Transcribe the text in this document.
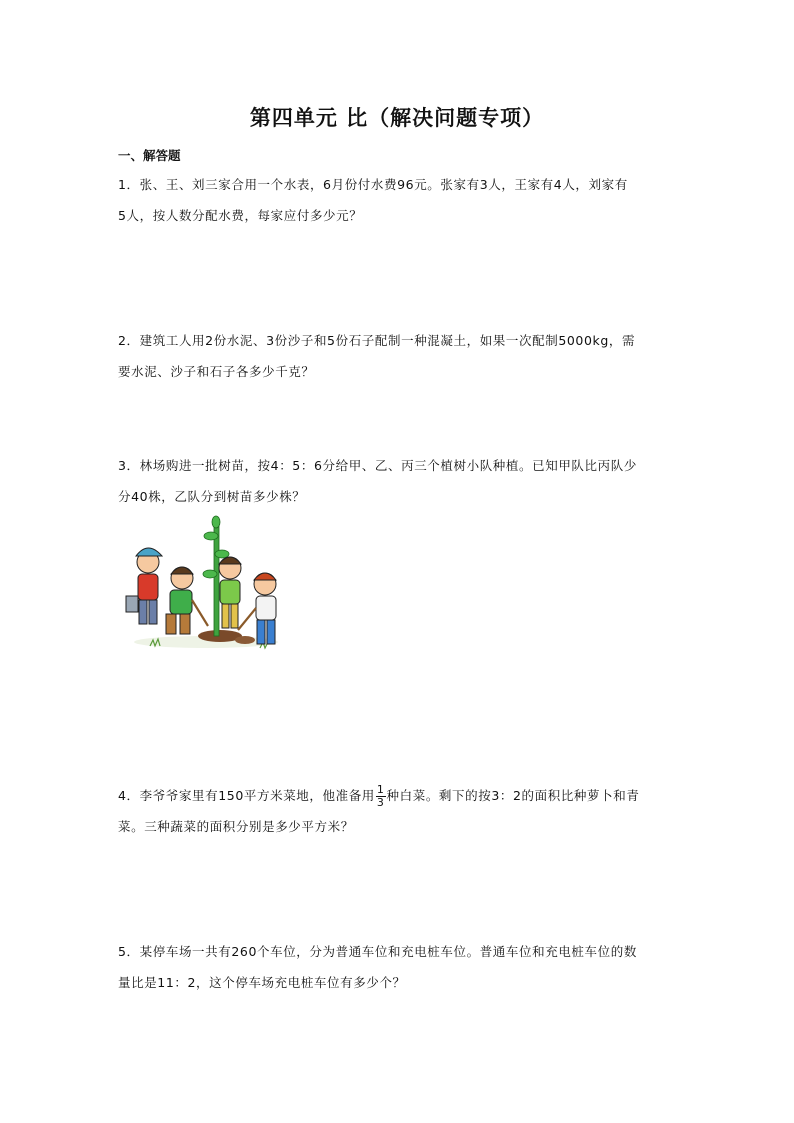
第四单元 比（解决问题专项）
一、解答题

1．张、王、刘三家合用一个水表，6月份付水费96元。张家有3人，王家有4人，刘家有

5人，按人数分配水费，每家应付多少元？

2．建筑工人用2份水泥、3份沙子和5份石子配制一种混凝土，如果一次配制5000kg，需

要水泥、沙子和石子各多少千克？

3．林场购进一批树苗，按4：5：6分给甲、乙、丙三个植树小队种植。已知甲队比丙队少

分40株，乙队分到树苗多少株？

4．李爷爷家里有150平方米菜地，他准备用 $\frac{1}{3}$ 种白菜。剩下的按3：2的面积比种萝卜和青

菜。三种蔬菜的面积分别是多少平方米？

5．某停车场一共有260个车位，分为普通车位和充电桩车位。普通车位和充电桩车位的数

量比是11：2，这个停车场充电桩车位有多少个？
